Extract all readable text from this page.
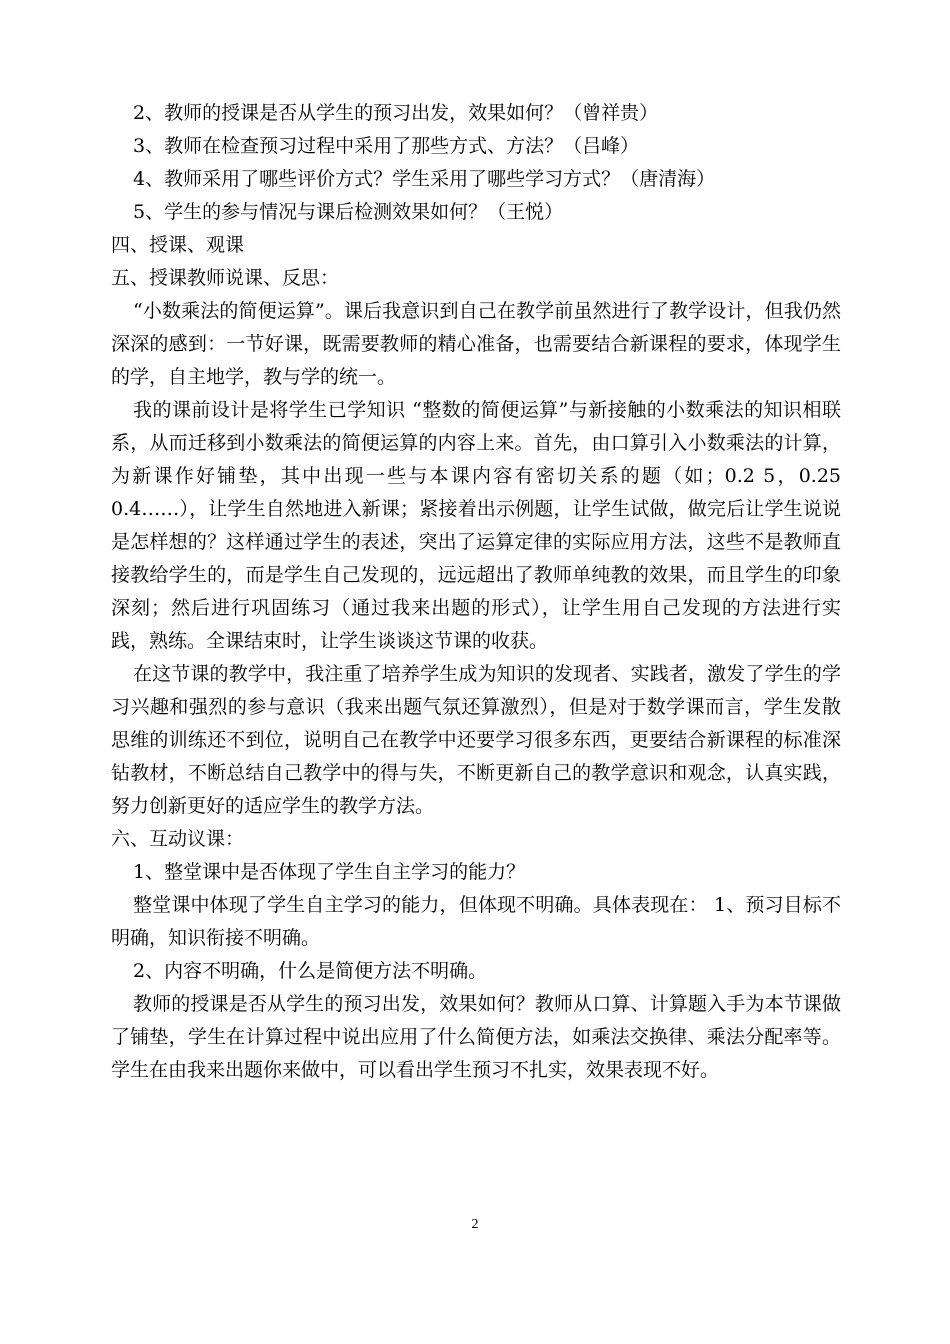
2、教师的授课是否从学生的预习出发，效果如何？（曾祥贵）

3、教师在检查预习过程中采用了那些方式、方法？（吕峰）

4、教师采用了哪些评价方式？学生采用了哪些学习方式？（唐清海）

5、学生的参与情况与课后检测效果如何？（王悦）

四、授课、观课

五、授课教师说课、反思：

“小数乘法的简便运算”。课后我意识到自己在教学前虽然进行了教学设计，但我仍然深深的感到：一节好课，既需要教师的精心准备，也需要结合新课程的要求，体现学生的学，自主地学，教与学的统一。

我的课前设计是将学生已学知识 “整数的简便运算”与新接触的小数乘法的知识相联系，从而迁移到小数乘法的简便运算的内容上来。首先，由口算引入小数乘法的计算，为新课作好铺垫，其中出现一些与本课内容有密切关系的题（如；0.2 5，0.25 0.4……），让学生自然地进入新课；紧接着出示例题，让学生试做，做完后让学生说说是怎样想的？这样通过学生的表述，突出了运算定律的实际应用方法，这些不是教师直接教给学生的，而是学生自己发现的，远远超出了教师单纯教的效果，而且学生的印象深刻；然后进行巩固练习（通过我来出题的形式），让学生用自己发现的方法进行实践，熟练。全课结束时，让学生谈谈这节课的收获。

在这节课的教学中，我注重了培养学生成为知识的发现者、实践者，激发了学生的学习兴趣和强烈的参与意识（我来出题气氛还算激烈），但是对于数学课而言，学生发散思维的训练还不到位，说明自己在教学中还要学习很多东西，更要结合新课程的标准深钻教材，不断总结自己教学中的得与失，不断更新自己的教学意识和观念，认真实践，努力创新更好的适应学生的教学方法。

六、互动议课：

1、整堂课中是否体现了学生自主学习的能力？

整堂课中体现了学生自主学习的能力，但体现不明确。具体表现在： 1、预习目标不明确，知识衔接不明确。

2、内容不明确，什么是简便方法不明确。

教师的授课是否从学生的预习出发，效果如何？教师从口算、计算题入手为本节课做了铺垫，学生在计算过程中说出应用了什么简便方法，如乘法交换律、乘法分配率等。学生在由我来出题你来做中，可以看出学生预习不扎实，效果表现不好。

2
